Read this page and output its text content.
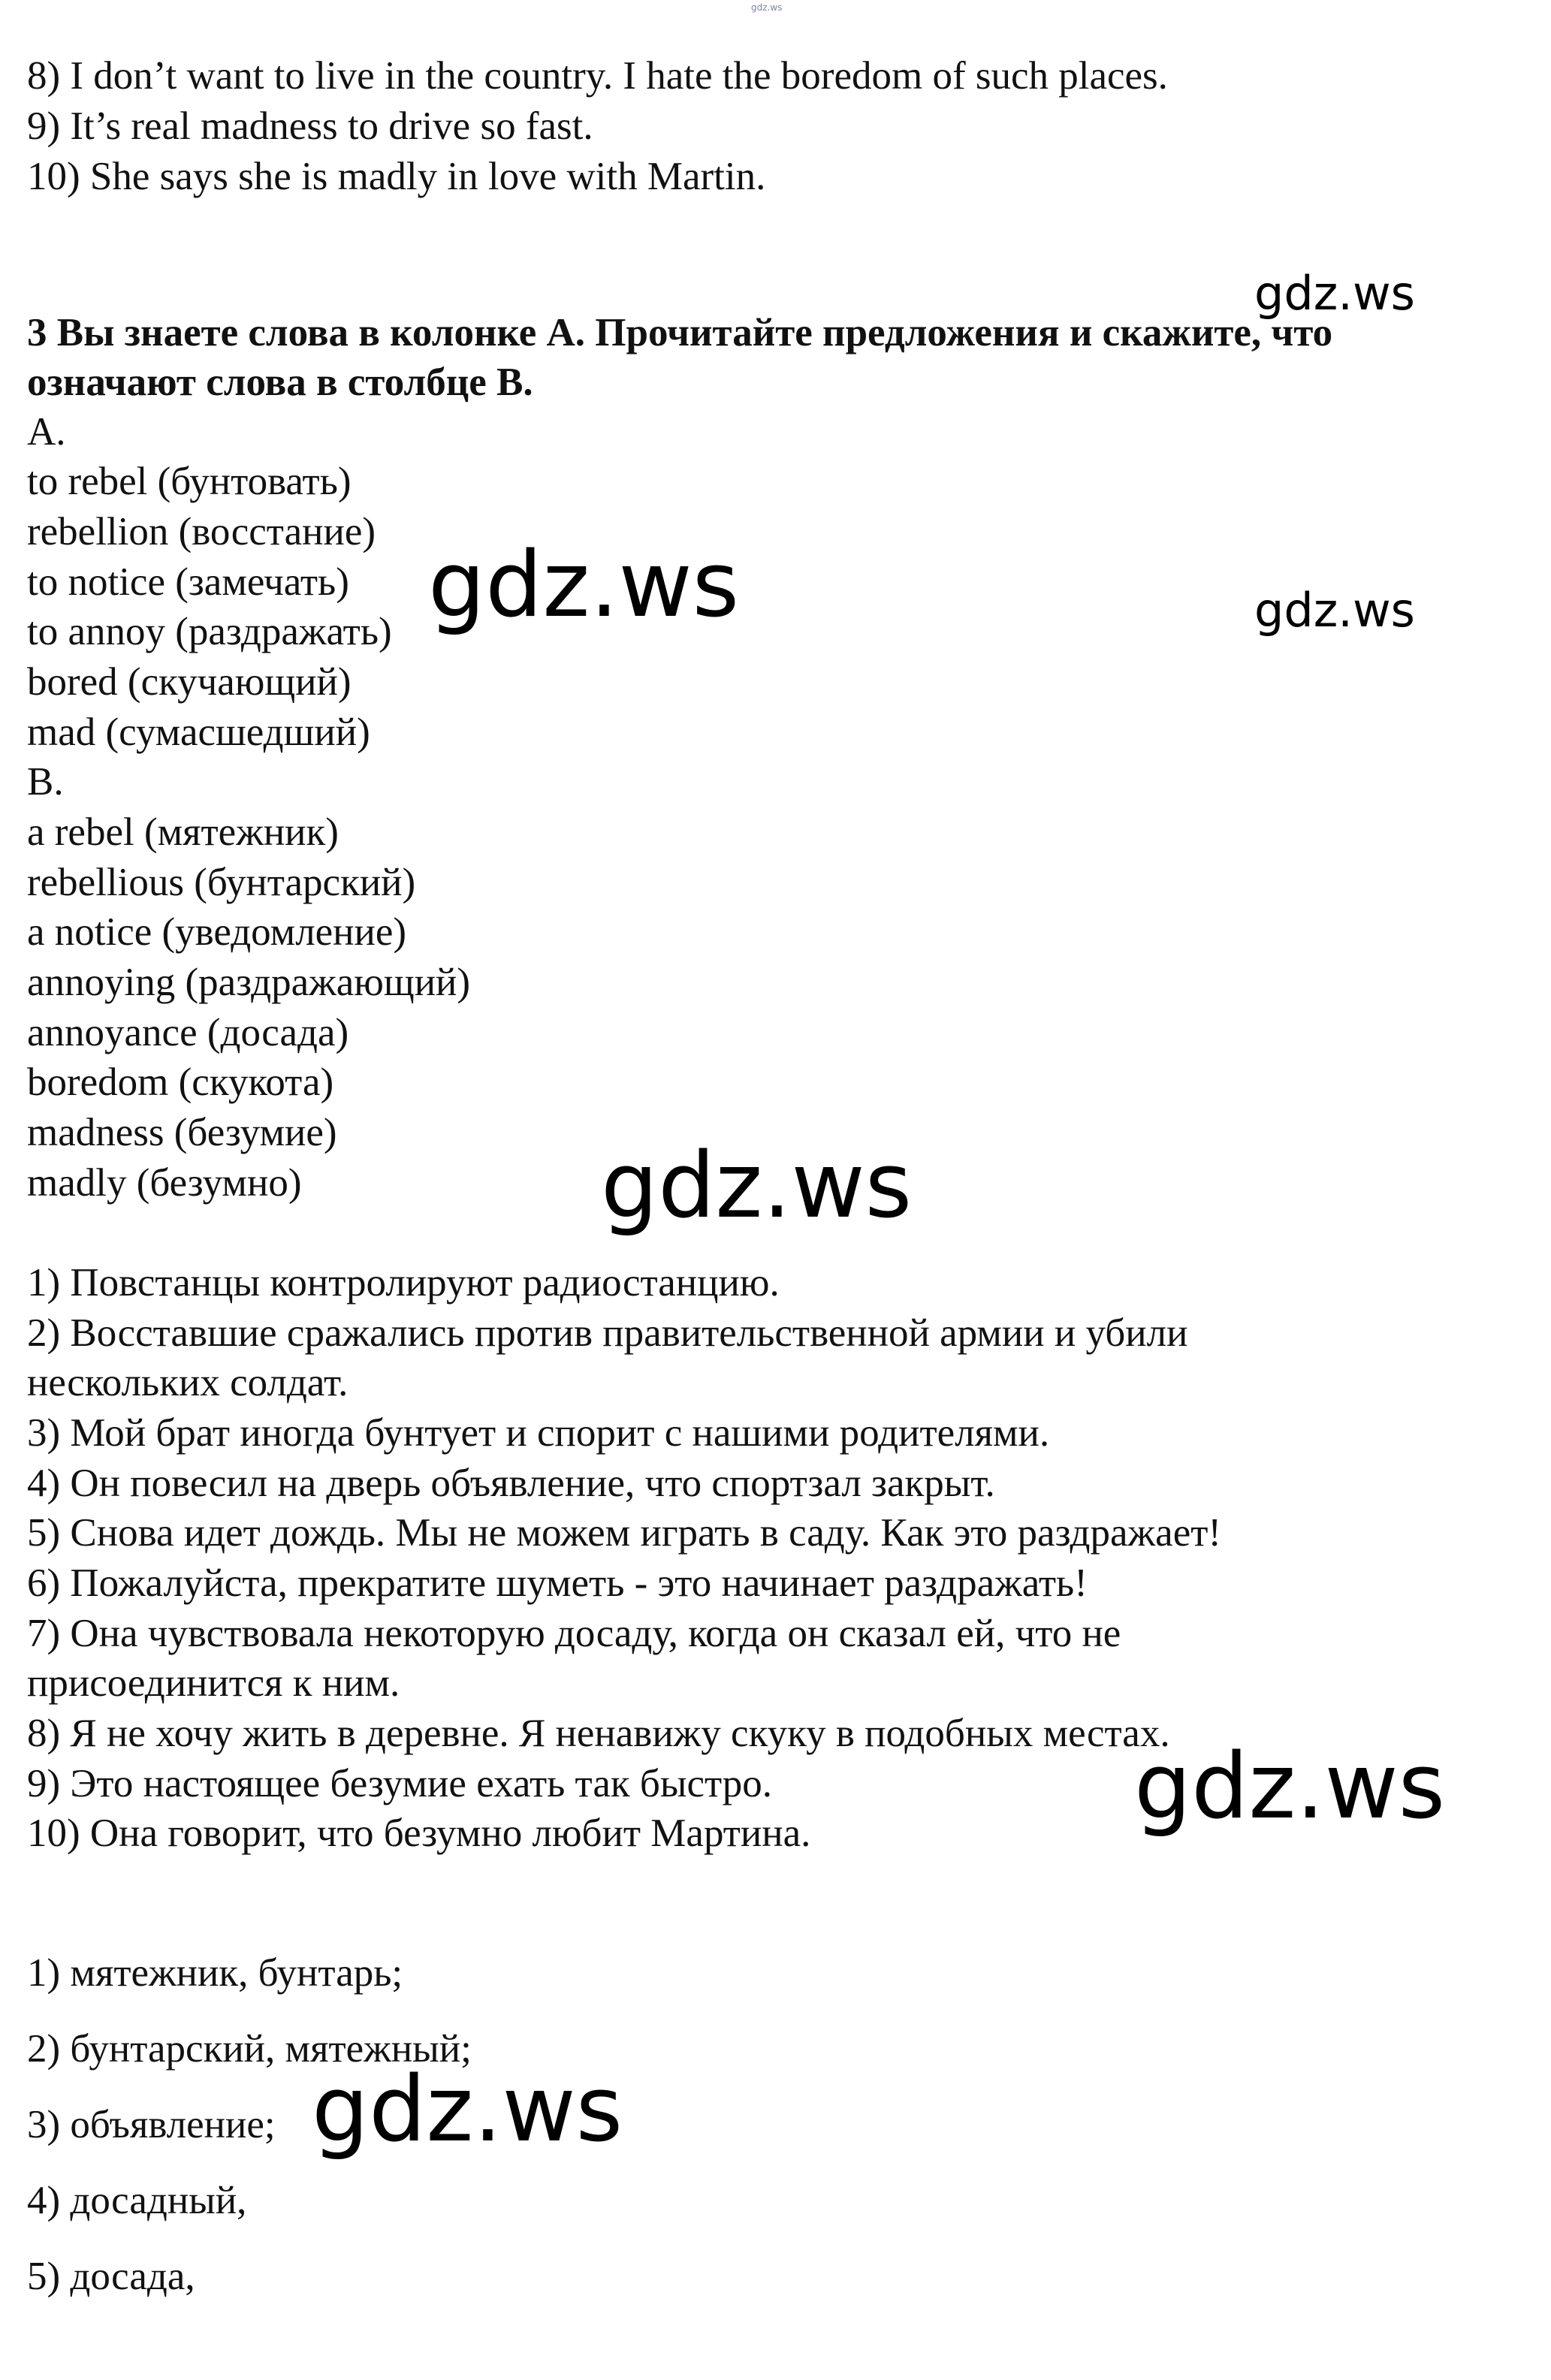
gdz.ws

8) I don’t want to live in the country. I hate the boredom of such places.

9) It’s real madness to drive so fast.

10) She says she is madly in love with Martin.

3 Вы знаете слова в колонке А. Прочитайте предложения и скажите, что

означают слова в столбце В.

А.

to rebel (бунтовать)

rebellion (восстание)

to notice (замечать)

to annoy (раздражать)

bored (скучающий)

mad (сумасшедший)

В.

a rebel (мятежник)

rebellious (бунтарский)

a notice (уведомление)

annoying (раздражающий)

annoyance (досада)

boredom (скукота)

madness (безумие)

madly (безумно)

1) Повстанцы контролируют радиостанцию.

2) Восставшие сражались против правительственной армии и убили

нескольких солдат.

3) Мой брат иногда бунтует и спорит с нашими родителями.

4) Он повесил на дверь объявление, что спортзал закрыт.

5) Снова идет дождь. Мы не можем играть в саду. Как это раздражает!

6) Пожалуйста, прекратите шуметь - это начинает раздражать!

7) Она чувствовала некоторую досаду, когда он сказал ей, что не

присоединится к ним.

8) Я не хочу жить в деревне. Я ненавижу скуку в подобных местах.

9) Это настоящее безумие ехать так быстро.

10) Она говорит, что безумно любит Мартина.

1) мятежник, бунтарь;

2) бунтарский, мятежный;

3) объявление;

4) досадный,

5) досада,

gdz.ws
gdz.ws	gdz.ws
gdz.ws
gdz.ws
gdz.ws
